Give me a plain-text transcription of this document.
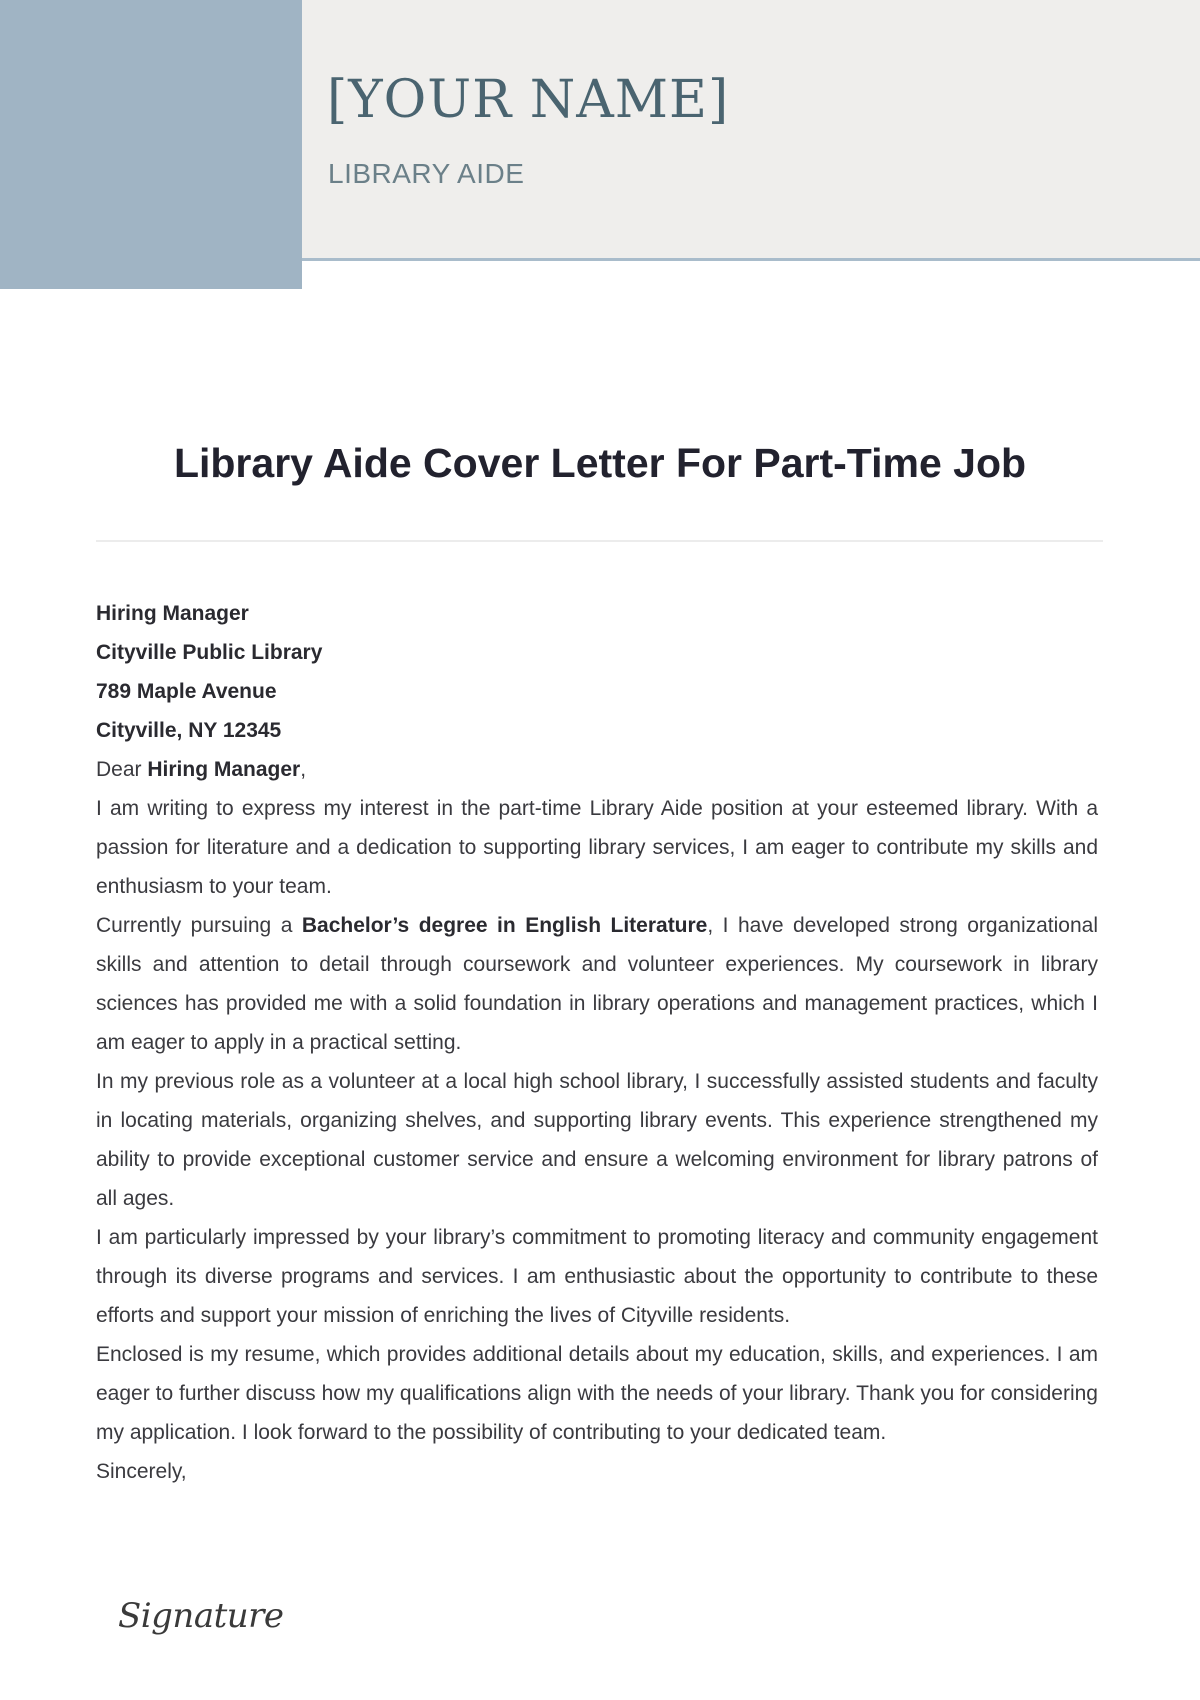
[YOUR NAME]
LIBRARY AIDE
Library Aide Cover Letter For Part-Time Job

Hiring Manager

Cityville Public Library

789 Maple Avenue

Cityville, NY 12345

Dear Hiring Manager,

I am writing to express my interest in the part-time Library Aide position at your esteemed library. With a passion for literature and a dedication to supporting library services, I am eager to contribute my skills and enthusiasm to your team.

Currently pursuing a Bachelor’s degree in English Literature, I have developed strong organizational skills and attention to detail through coursework and volunteer experiences. My coursework in library sciences has provided me with a solid foundation in library operations and management practices, which I am eager to apply in a practical setting.

In my previous role as a volunteer at a local high school library, I successfully assisted students and faculty in locating materials, organizing shelves, and supporting library events. This experience strengthened my ability to provide exceptional customer service and ensure a welcoming environment for library patrons of all ages.

I am particularly impressed by your library’s commitment to promoting literacy and community engagement through its diverse programs and services. I am enthusiastic about the opportunity to contribute to these efforts and support your mission of enriching the lives of Cityville residents.

Enclosed is my resume, which provides additional details about my education, skills, and experiences. I am eager to further discuss how my qualifications align with the needs of your library. Thank you for considering my application. I look forward to the possibility of contributing to your dedicated team.

Sincerely,

Signature
